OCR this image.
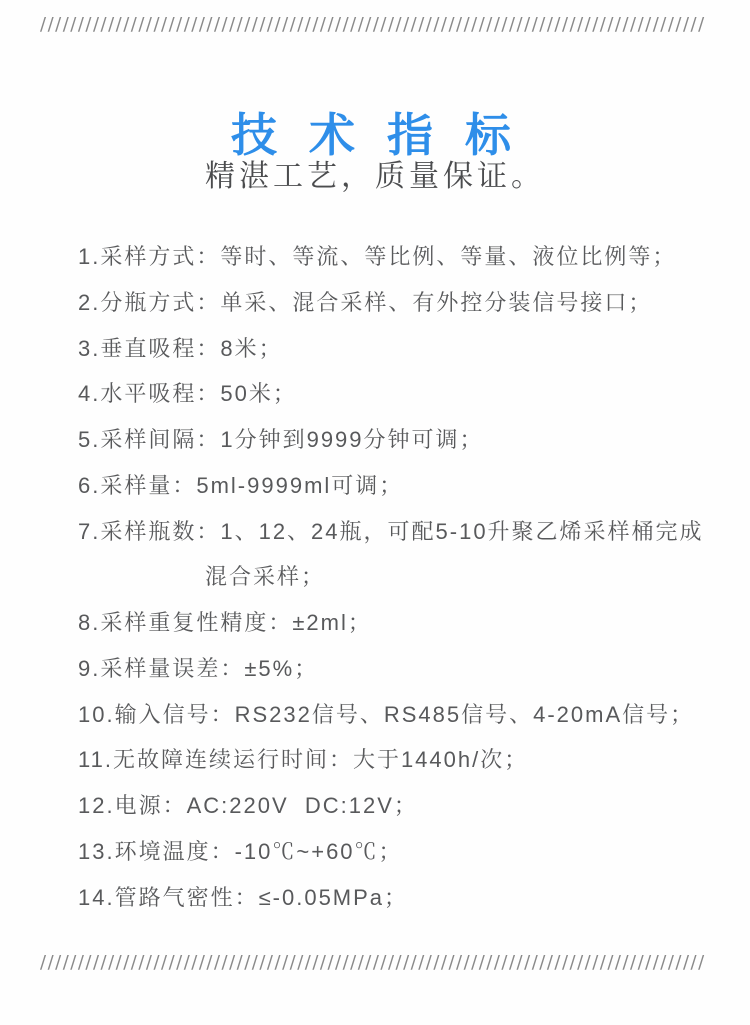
////////////////////////////////////////////////////////////////////////////////////////
技 术 指 标
精湛工艺，质量保证。
1.采样方式：等时、等流、等比例、等量、液位比例等；
2.分瓶方式：单采、混合采样、有外控分装信号接口；
3.垂直吸程：8米；
4.水平吸程：50米；
5.采样间隔：1分钟到9999分钟可调；
6.采样量：5ml-9999ml可调；
7.采样瓶数：1、12、24瓶，可配5-10升聚乙烯采样桶完成
混合采样；
8.采样重复性精度：±2ml；
9.采样量误差：±5%；
10.输入信号：RS232信号、RS485信号、4-20mA信号；
11.无故障连续运行时间：大于1440h/次；
12.电源：AC:220V  DC:12V；
13.环境温度：-10℃~+60℃；
14.管路气密性：≤-0.05MPa；
////////////////////////////////////////////////////////////////////////////////////////
